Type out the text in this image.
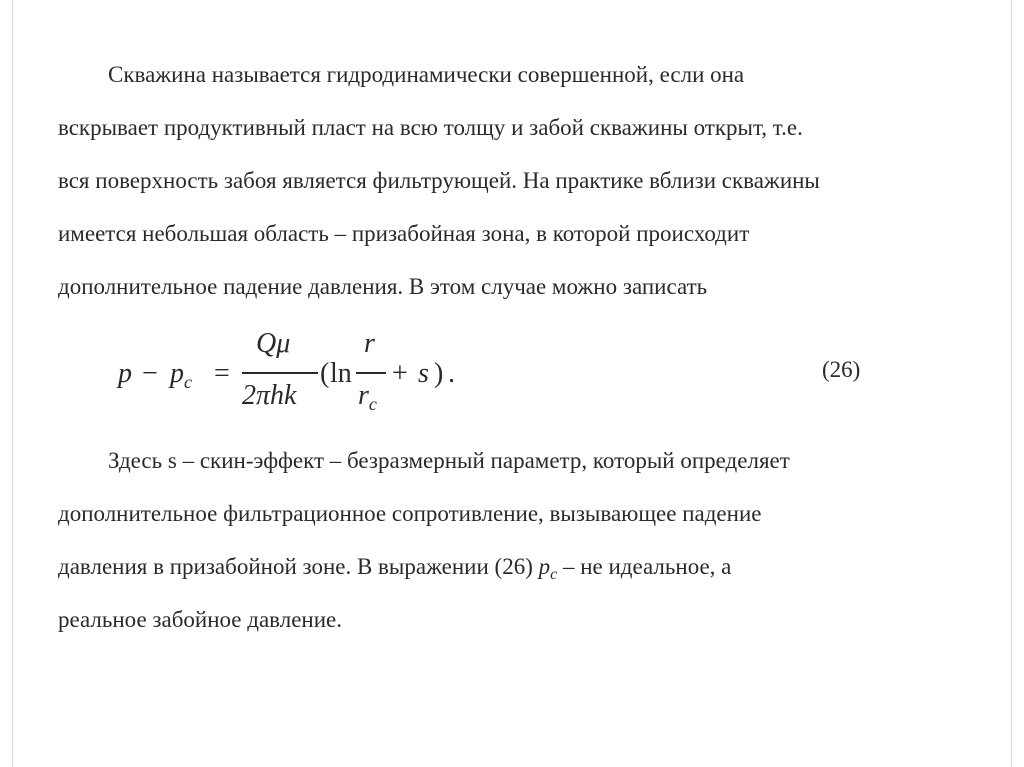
Скважина называется гидродинамически совершенной, если она
вскрывает продуктивный пласт на всю толщу и забой скважины открыт, т.е.
вся поверхность забоя является фильтрующей. На практике вблизи скважины
имеется небольшая область – призабойная зона, в которой происходит
дополнительное падение давления. В этом случае можно записать
$p - p_c$ =
Qμ
2πhk
( ln
r
$r_c$
+ s ) .	(26)
Здесь s – скин-эффект – безразмерный параметр, который определяет
дополнительное фильтрационное сопротивление, вызывающее падение
давления в призабойной зоне. В выражении (26) $p_c$ – не идеальное, а
реальное забойное давление.
